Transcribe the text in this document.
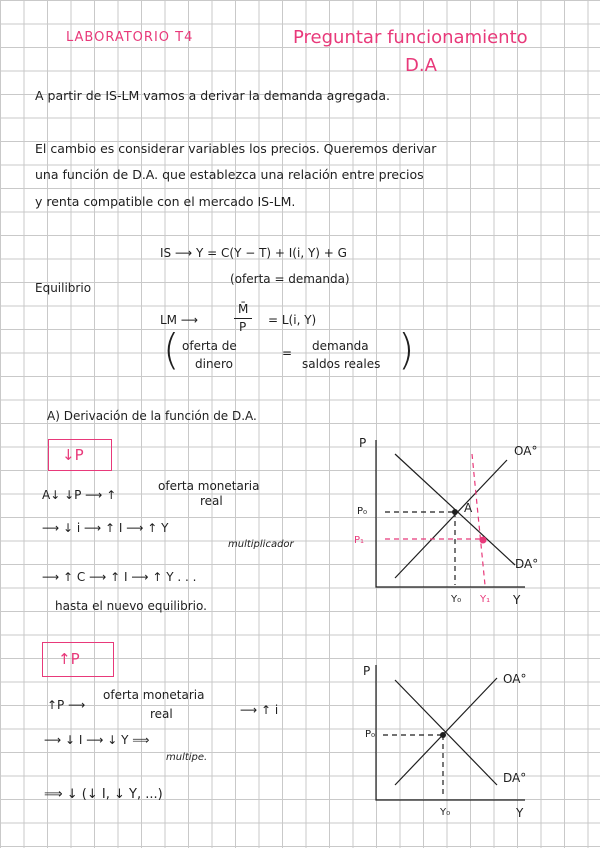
LABORATORIO T4	Preguntar funcionamiento
D.A
A partir de IS-LM vamos a derivar la demanda agregada.
El cambio es considerar variables los precios. Queremos derivar
una función de D.A. que establezca una relación entre precios
y renta compatible con el mercado IS-LM.
Equilibrio
IS ⟶ Y = C(Y − T) + I(i, Y) + G
(oferta = demanda)
LM ⟶
M̄
P = L(i, Y)
( oferta de
dinero
= demanda
saldos reales )
A) Derivación de la función de D.A.
↓P
A↓ ↓P ⟶ ↑
oferta monetaria
real
⟶ ↓ i ⟶ ↑ I ⟶ ↑ Y
multiplicador
⟶ ↑ C ⟶ ↑ I ⟶ ↑ Y . . .
hasta el nuevo equilibrio.
↑P
↑P ⟶
oferta monetaria
real	⟶ ↑ i
⟶ ↓ I ⟶ ↓ Y ⟹
multipe.
⟹ ↓ (↓ I, ↓ Y, ...)
P
Y
P₀
P₁
Y₀ Y₁
OA°
DA°
A
P
Y
P₀
Y₀
OA°
DA°
